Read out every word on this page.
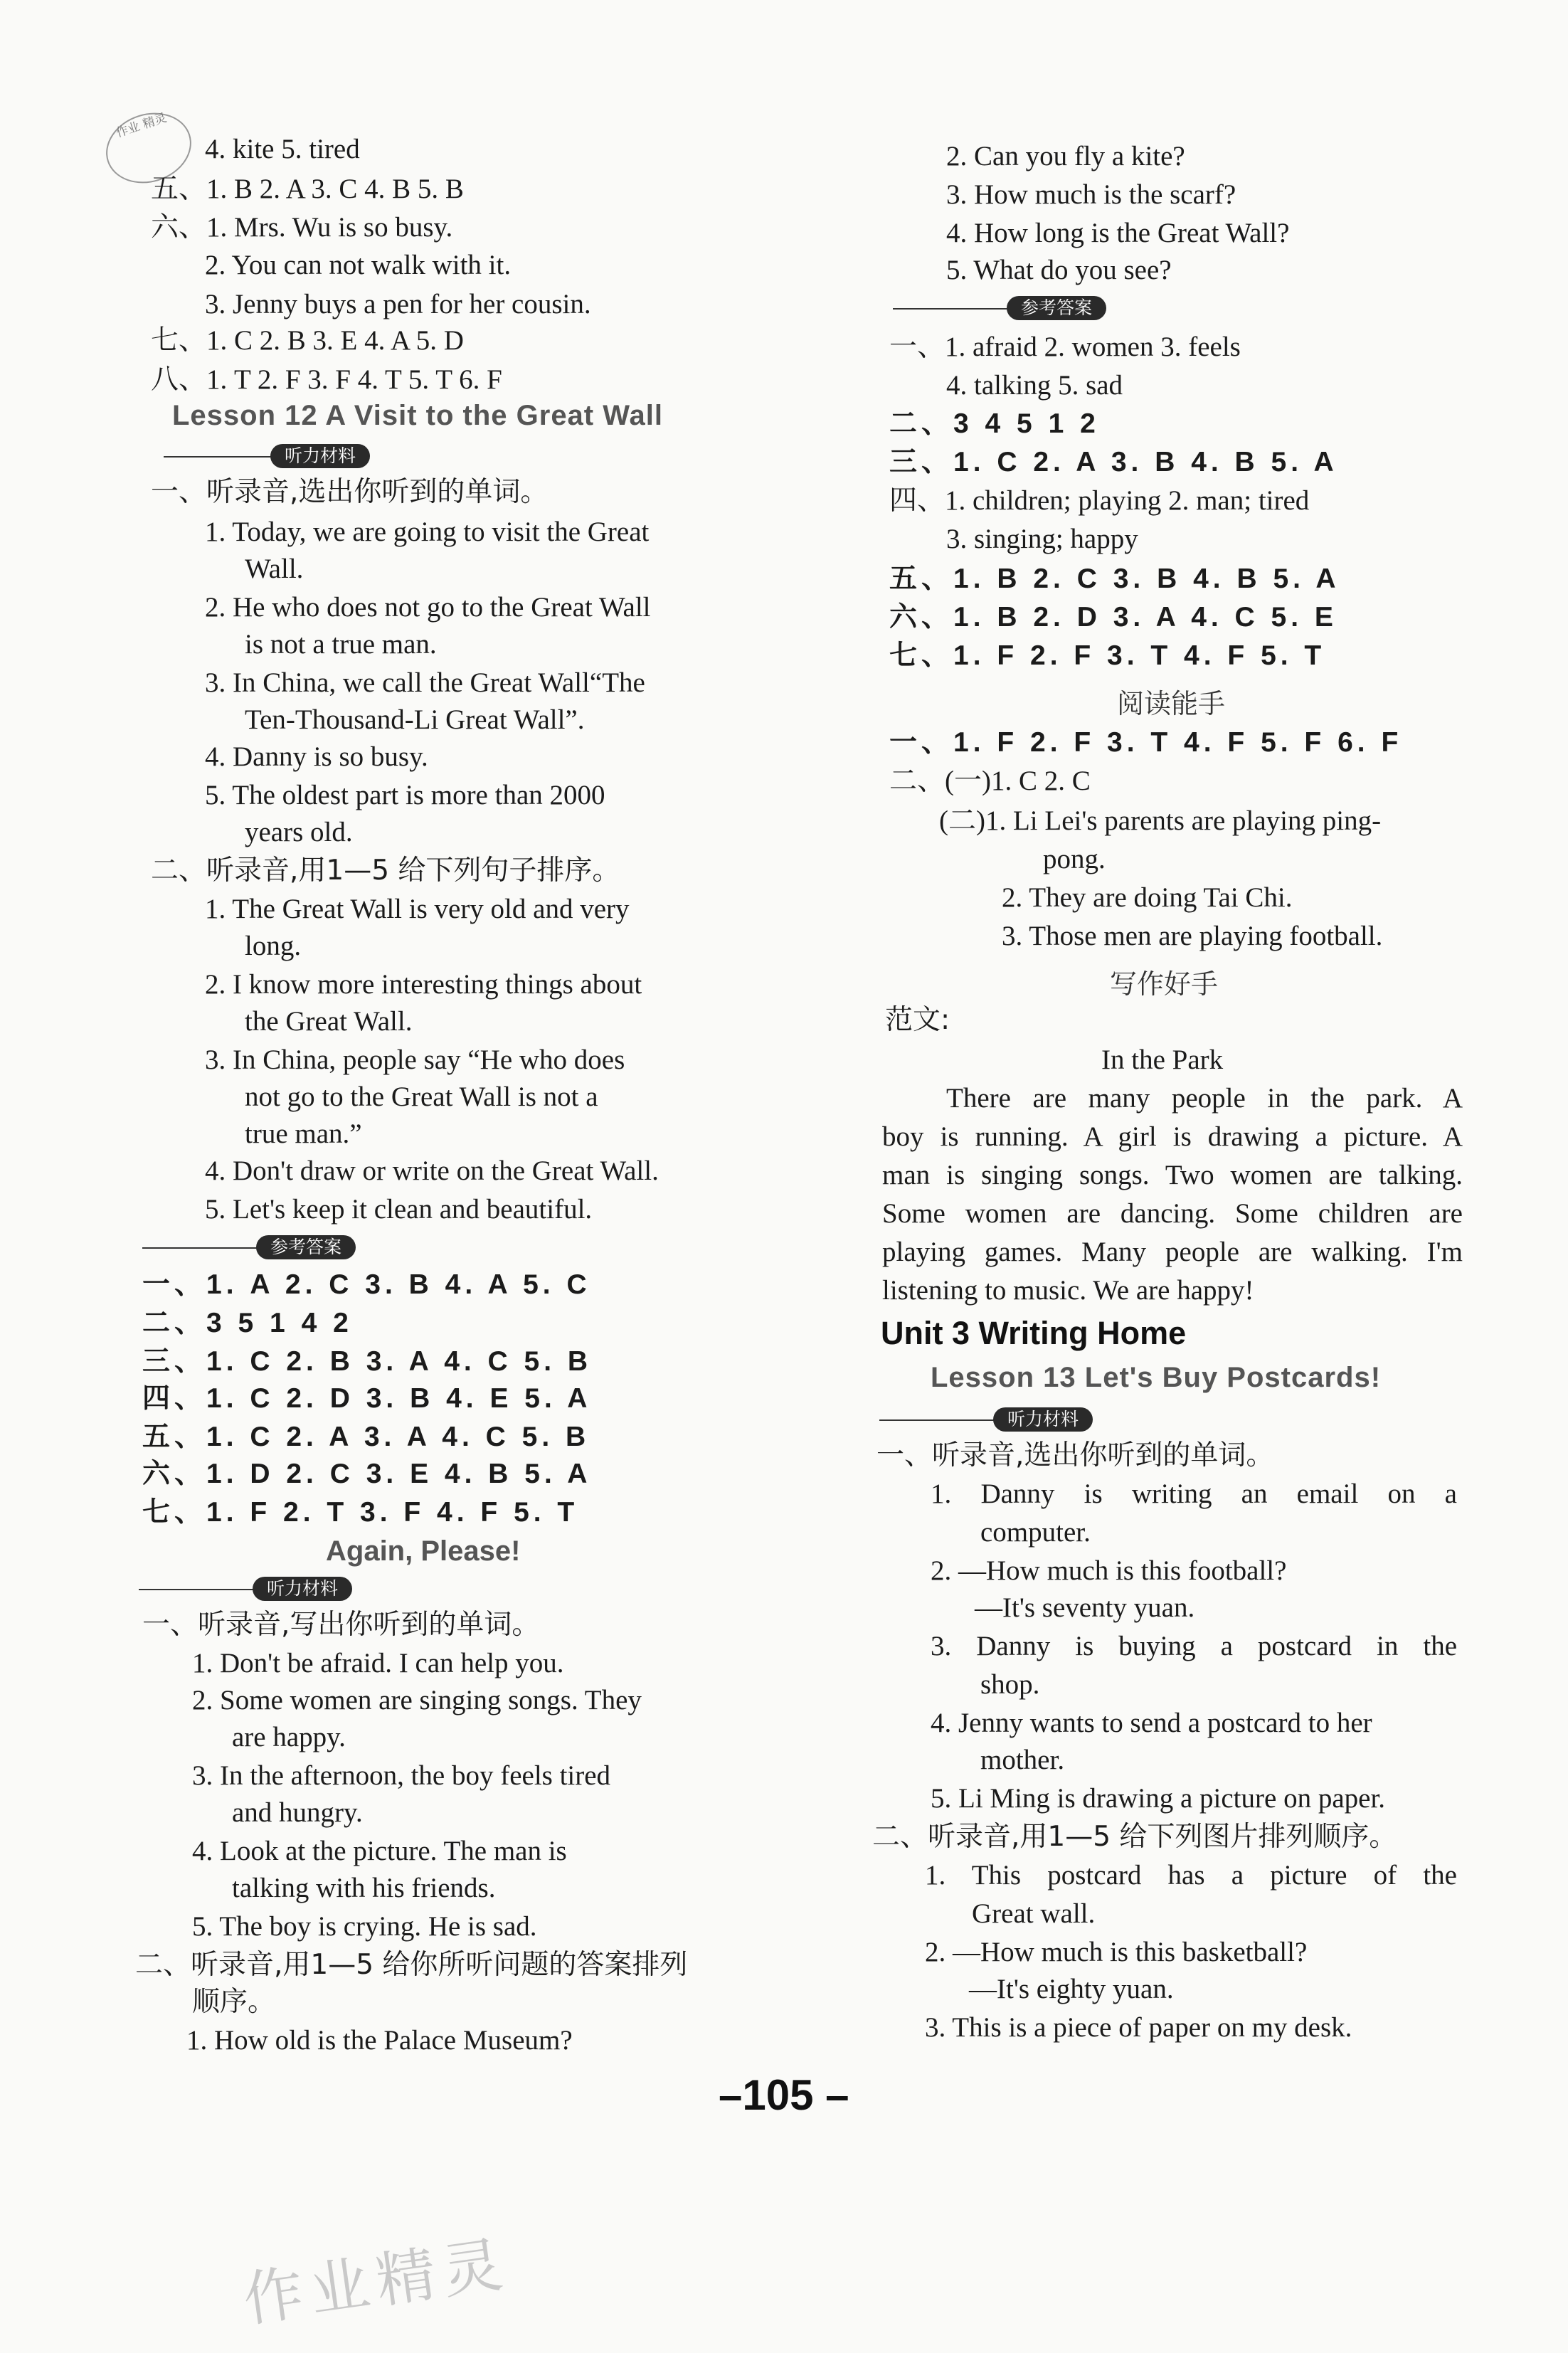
作业 精灵
4. kite 5. tired
五、1. B 2. A 3. C 4. B 5. B
六、1. Mrs. Wu is so busy.
2. You can not walk with it.
3. Jenny buys a pen for her cousin.
七、1. C 2. B 3. E 4. A 5. D
八、1. T 2. F 3. F 4. T 5. T 6. F
Lesson 12 A Visit to the Great Wall
听力材料
一、听录音,选出你听到的单词。
1. Today, we are going to visit the Great
Wall.
2. He who does not go to the Great Wall
is not a true man.
3. In China, we call the Great Wall“The
Ten-Thousand-Li Great Wall”.
4. Danny is so busy.
5. The oldest part is more than 2000
years old.
二、听录音,用1—5 给下列句子排序。
1. The Great Wall is very old and very
long.
2. I know more interesting things about
the Great Wall.
3. In China, people say “He who does
not go to the Great Wall is not a
true man.”
4. Don't draw or write on the Great Wall.
5. Let's keep it clean and beautiful.
参考答案
一、1. A 2. C 3. B 4. A 5. C
二、3 5 1 4 2
三、1. C 2. B 3. A 4. C 5. B
四、1. C 2. D 3. B 4. E 5. A
五、1. C 2. A 3. A 4. C 5. B
六、1. D 2. C 3. E 4. B 5. A
七、1. F 2. T 3. F 4. F 5. T
Again, Please!
听力材料
一、听录音,写出你听到的单词。
1. Don't be afraid. I can help you.
2. Some women are singing songs. They
are happy.
3. In the afternoon, the boy feels tired
and hungry.
4. Look at the picture. The man is
talking with his friends.
5. The boy is crying. He is sad.
二、听录音,用1—5 给你所听问题的答案排列
顺序。
1. How old is the Palace Museum?
2. Can you fly a kite?
3. How much is the scarf?
4. How long is the Great Wall?
5. What do you see?
参考答案
一、1. afraid 2. women 3. feels
4. talking 5. sad
二、3 4 5 1 2
三、1. C 2. A 3. B 4. B 5. A
四、1. children; playing 2. man; tired
3. singing; happy
五、1. B 2. C 3. B 4. B 5. A
六、1. B 2. D 3. A 4. C 5. E
七、1. F 2. F 3. T 4. F 5. T
阅读能手
一、1. F 2. F 3. T 4. F 5. F 6. F
二、(一)1. C 2. C
(二)1. Li Lei's parents are playing ping-
pong.
2. They are doing Tai Chi.
3. Those men are playing football.
写作好手
范文:
In the Park
There are many people in the park. A
boy is running. A girl is drawing a picture. A
man is singing songs. Two women are talking.
Some women are dancing. Some children are
playing games. Many people are walking. I'm
listening to music. We are happy!
Unit 3 Writing Home
Lesson 13 Let's Buy Postcards!
听力材料
一、听录音,选出你听到的单词。
1. Danny is writing an email on a
computer.
2. —How much is this football?
—It's seventy yuan.
3. Danny is buying a postcard in the
shop.
4. Jenny wants to send a postcard to her
mother.
5. Li Ming is drawing a picture on paper.
二、听录音,用1—5 给下列图片排列顺序。
1. This postcard has a picture of the
Great wall.
2. —How much is this basketball?
—It's eighty yuan.
3. This is a piece of paper on my desk.
–105 –
作业精灵
